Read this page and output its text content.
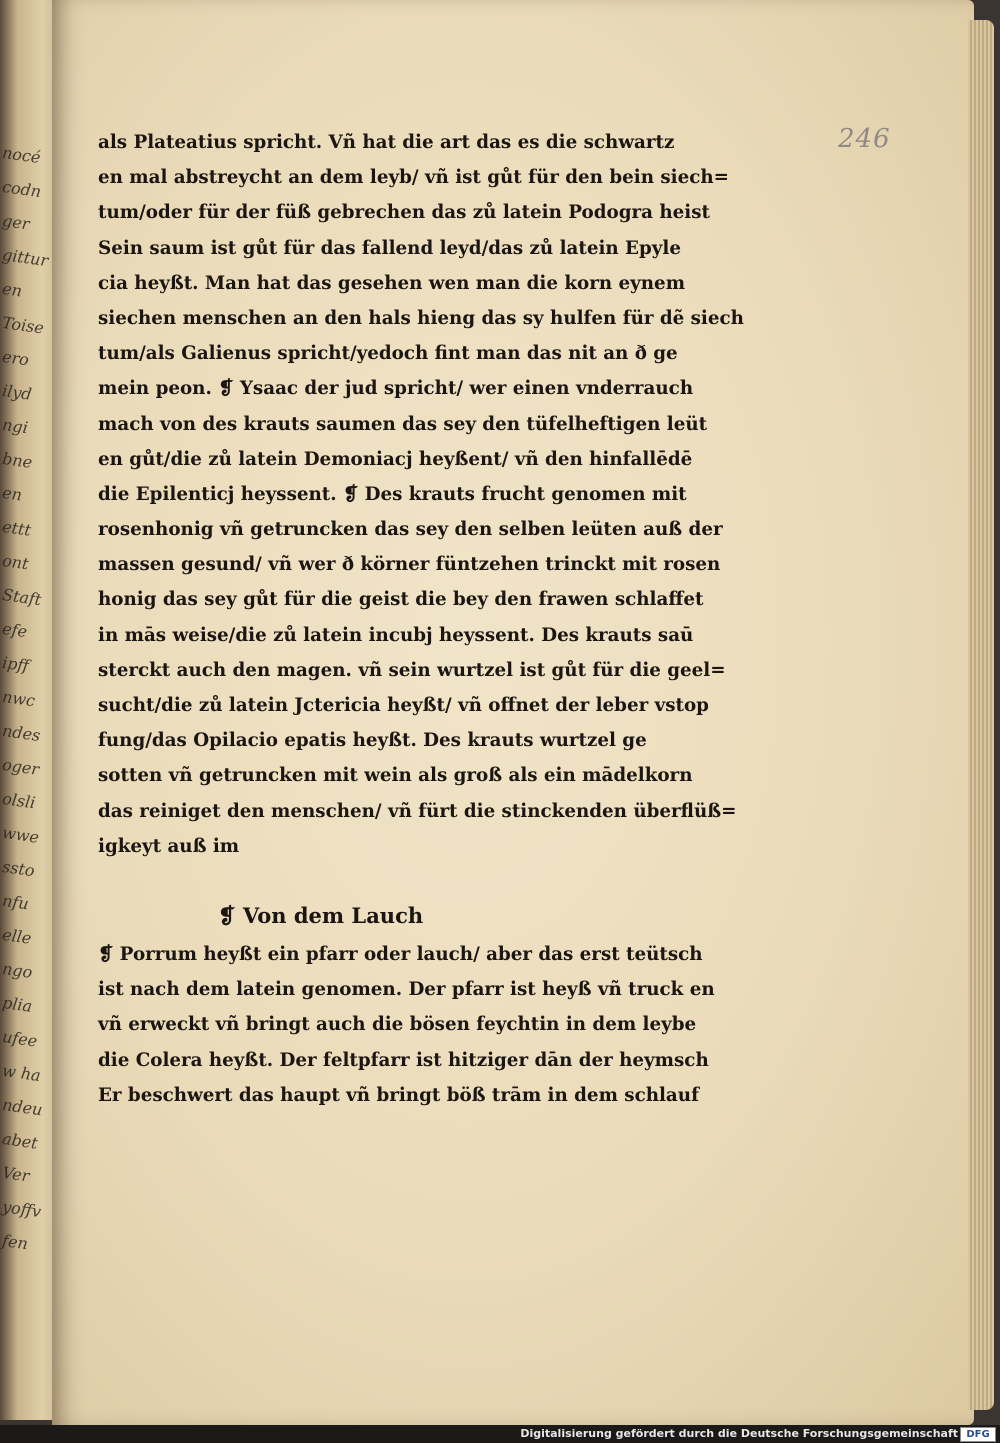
nocé
codn
ger
gittur
en
Toise
ero
ilyd
ngi
bne
en
ettt
ont
Staft
efe
ipff
nwc
ndes
oger
olsli
wwe
ssto
nfu
elle
ngo
plia
ufee
w ha
ndeu
abet
Ver
yoffv
fen
246
als Plateatius spricht. Vñ hat die art das es die schwartz
en mal abstreycht an dem leyb/ vñ ist gůt für den bein siech=
tum/oder für der füß gebrechen das zů latein Podogra heist
Sein saum ist gůt für das fallend leyd/das zů latein Epyle
cia heyßt. Man hat das gesehen wen man die korn eynem
siechen menschen an den hals hieng das sy hulfen für dẽ siech
tum/als Galienus spricht/yedoch fint man das nit an ð ge
mein peon. ❡ Ysaac der jud spricht/ wer einen vnderrauch
mach von des krauts saumen das sey den tüfelheftigen leüt
en gůt/die zů latein Demoniacj heyßent/ vñ den hinfallēdē
die Epilenticj heyssent. ❡ Des krauts frucht genomen mit
rosenhonig vñ getruncken das sey den selben leüten auß der
massen gesund/ vñ wer ð körner füntzehen trinckt mit rosen
honig das sey gůt für die geist die bey den frawen schlaffet
in mās weise/die zů latein incubj heyssent. Des krauts saū
sterckt auch den magen. vñ sein wurtzel ist gůt für die geel=
sucht/die zů latein Jctericia heyßt/ vñ offnet der leber vstop
fung/das Opilacio epatis heyßt. Des krauts wurtzel ge
sotten vñ getruncken mit wein als groß als ein mādelkorn
das reiniget den menschen/ vñ fürt die stinckenden überflüß=
igkeyt auß im
❡ Von dem Lauch
❡ Porrum heyßt ein pfarr oder lauch/ aber das erst teütsch
ist nach dem latein genomen. Der pfarr ist heyß vñ truck en
vñ erweckt vñ bringt auch die bösen feychtin in dem leybe
die Colera heyßt. Der feltpfarr ist hitziger dān der heymsch
Er beschwert das haupt vñ bringt böß trām in dem schlauf
Digitalisierung gefördert durch die Deutsche Forschungsgemeinschaft DFG
